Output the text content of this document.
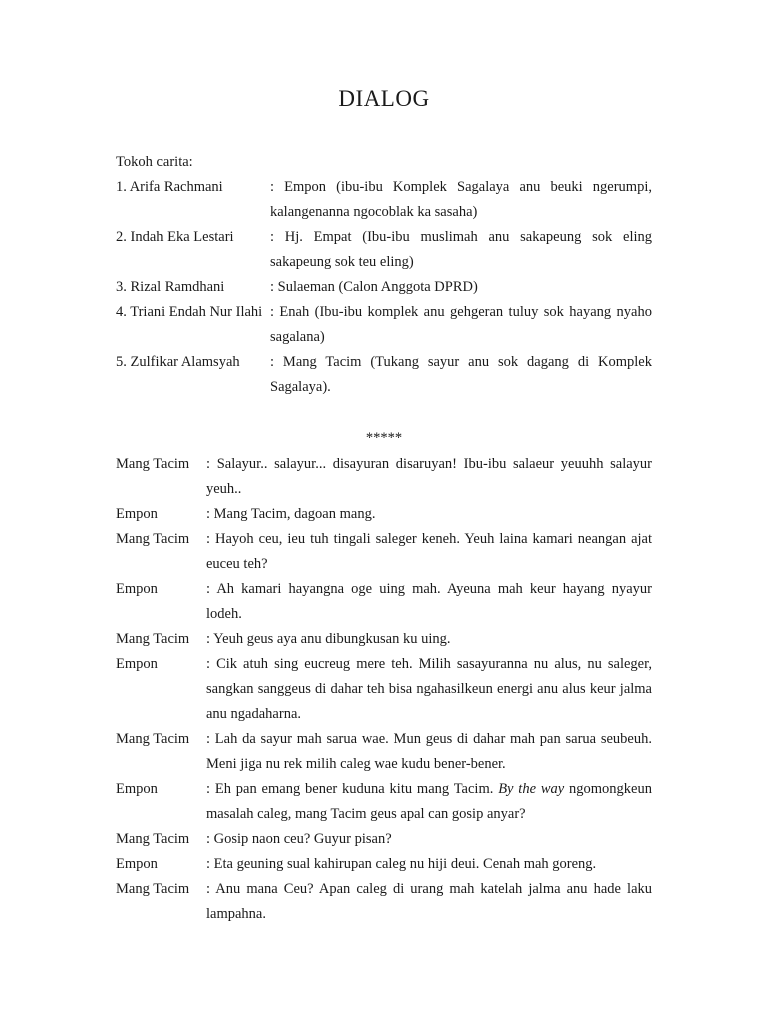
DIALOG
Tokoh carita:
1. Arifa Rachmani	: Empon (ibu-ibu Komplek Sagalaya anu beuki ngerumpi, kalangenanna ngocoblak ka sasaha)
2. Indah Eka Lestari	: Hj. Empat (Ibu-ibu muslimah anu sakapeung sok eling sakapeung sok teu eling)
3. Rizal Ramdhani	: Sulaeman (Calon Anggota DPRD)
4. Triani Endah Nur Ilahi : Enah (Ibu-ibu komplek anu gehgeran tuluy sok hayang nyaho sagalana)
5. Zulfikar Alamsyah : Mang Tacim (Tukang sayur anu sok dagang di Komplek Sagalaya).
*****
Mang Tacim : Salayur.. salayur... disayuran disaruyan! Ibu-ibu salaeur yeuuhh salayur yeuh..
Empon	: Mang Tacim, dagoan mang.
Mang Tacim : Hayoh ceu, ieu tuh tingali saleger keneh. Yeuh laina kamari neangan ajat euceu teh?
Empon	: Ah kamari hayangna oge uing mah. Ayeuna mah keur hayang nyayur lodeh.
Mang Tacim : Yeuh geus aya anu dibungkusan ku uing.
Empon	: Cik atuh sing eucreug mere teh. Milih sasayuranna nu alus, nu saleger, sangkan sanggeus di dahar teh bisa ngahasilkeun energi anu alus keur jalma anu ngadaharna.
Mang Tacim : Lah da sayur mah sarua wae. Mun geus di dahar mah pan sarua seubeuh. Meni jiga nu rek milih caleg wae kudu bener-bener.
Empon	: Eh pan emang bener kuduna kitu mang Tacim. By the way ngomongkeun masalah caleg, mang Tacim geus apal can gosip anyar?
Mang Tacim : Gosip naon ceu? Guyur pisan?
Empon	: Eta geuning sual kahirupan caleg nu hiji deui. Cenah mah goreng.
Mang Tacim : Anu mana Ceu? Apan caleg di urang mah katelah jalma anu hade laku lampahna.
